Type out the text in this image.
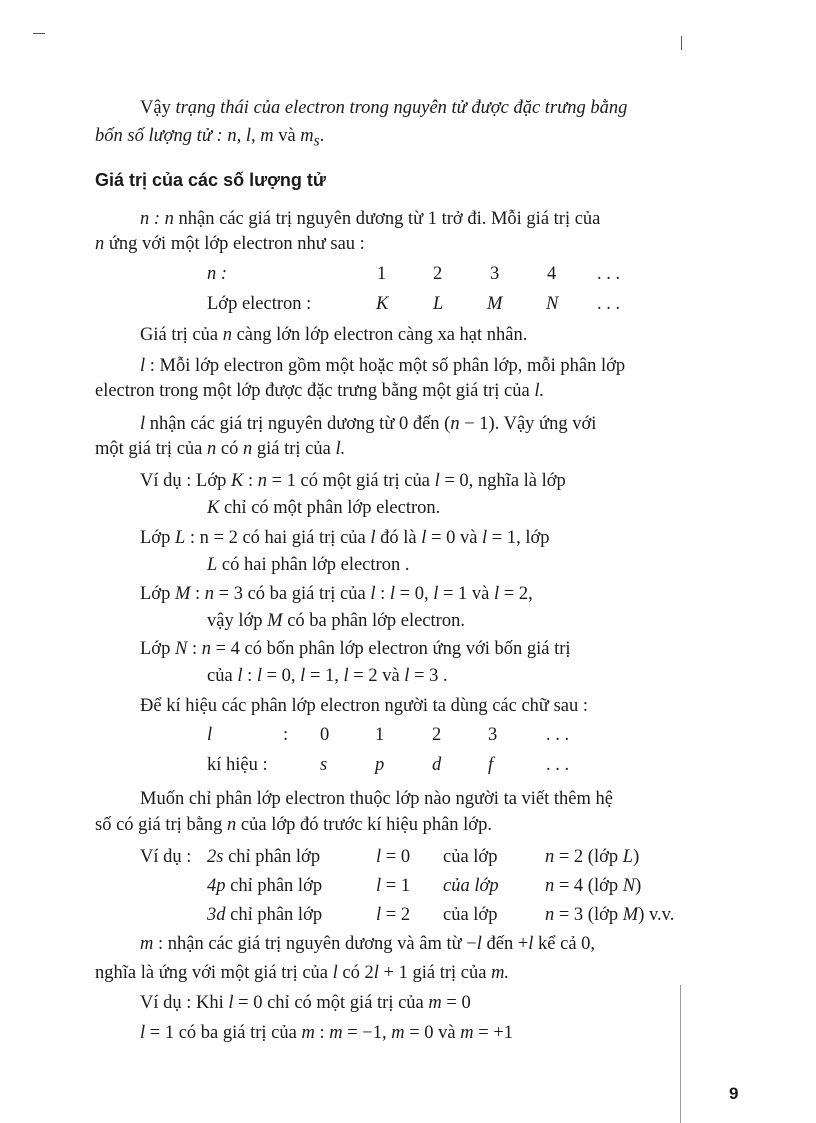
Vậy trạng thái của electron trong nguyên tử được đặc trưng bằng
bốn số lượng tử : n, l, m và $m_s$.
Giá trị của các số lượng tử
n : n nhận các giá trị nguyên dương từ 1 trở đi. Mỗi giá trị của
n ứng với một lớp electron như sau :
n :	1	2	3	4 . . .
Lớp electron :	K L M N . . .
Giá trị của n càng lớn lớp electron càng xa hạt nhân.
l : Mỗi lớp electron gồm một hoặc một số phân lớp, mỗi phân lớp
electron trong một lớp được đặc trưng bằng một giá trị của l.
l nhận các giá trị nguyên dương từ 0 đến (n − 1). Vậy ứng với
một giá trị của n có n giá trị của l.
Ví dụ : Lớp K : n = 1 có một giá trị của l = 0, nghĩa là lớp
K chỉ có một phân lớp electron.
Lớp L : n = 2 có hai giá trị của l đó là l = 0 và l = 1, lớp
L có hai phân lớp electron .
Lớp M : n = 3 có ba giá trị của l : l = 0, l = 1 và l = 2,
vậy lớp M có ba phân lớp electron.
Lớp N : n = 4 có bốn phân lớp electron ứng với bốn giá trị
của l : l = 0, l = 1, l = 2 và l = 3 .
Để kí hiệu các phân lớp electron người ta dùng các chữ sau :
l	: 0 1	2	3	. . .
kí hiệu :	s	p	d	f	. . .
Muốn chỉ phân lớp electron thuộc lớp nào người ta viết thêm hệ
số có giá trị bằng n của lớp đó trước kí hiệu phân lớp.
Ví dụ : 2s chỉ phân lớp	l = 0 của lớp	n = 2 (lớp L)
4p chỉ phân lớp	l = 1 của lớp	n = 4 (lớp N)
3d chỉ phân lớp	l = 2 của lớp	n = 3 (lớp M) v.v.
m : nhận các giá trị nguyên dương và âm từ −l đến +l kể cả 0,
nghĩa là ứng với một giá trị của l có 2l + 1 giá trị của m.
Ví dụ : Khi l = 0 chỉ có một giá trị của m = 0
l = 1 có ba giá trị của m : m = −1, m = 0 và m = +1
9
